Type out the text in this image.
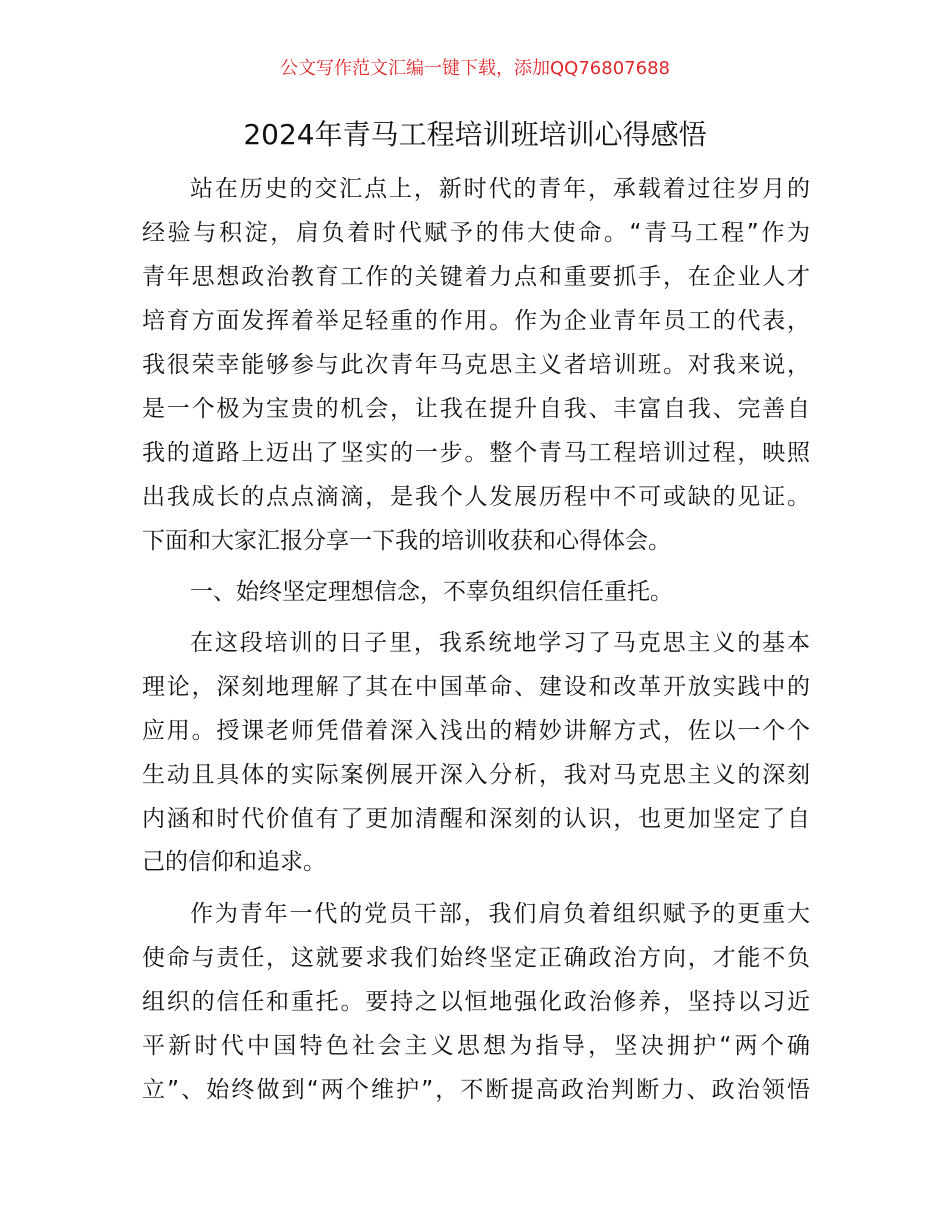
公文写作范文汇编一键下载，添加QQ76807688
2024年青马工程培训班培训心得感悟
站在历史的交汇点上，新时代的青年，承载着过往岁月的
经验与积淀，肩负着时代赋予的伟大使命。“青马工程”作为
青年思想政治教育工作的关键着力点和重要抓手，在企业人才
培育方面发挥着举足轻重的作用。作为企业青年员工的代表，
我很荣幸能够参与此次青年马克思主义者培训班。对我来说，
是一个极为宝贵的机会，让我在提升自我、丰富自我、完善自
我的道路上迈出了坚实的一步。整个青马工程培训过程，映照
出我成长的点点滴滴，是我个人发展历程中不可或缺的见证。
下面和大家汇报分享一下我的培训收获和心得体会。
一、始终坚定理想信念，不辜负组织信任重托。
在这段培训的日子里，我系统地学习了马克思主义的基本
理论，深刻地理解了其在中国革命、建设和改革开放实践中的
应用。授课老师凭借着深入浅出的精妙讲解方式，佐以一个个
生动且具体的实际案例展开深入分析，我对马克思主义的深刻
内涵和时代价值有了更加清醒和深刻的认识，也更加坚定了自
己的信仰和追求。
作为青年一代的党员干部，我们肩负着组织赋予的更重大
使命与责任，这就要求我们始终坚定正确政治方向，才能不负
组织的信任和重托。要持之以恒地强化政治修养，坚持以习近
平新时代中国特色社会主义思想为指导，坚决拥护“两个确
立”、始终做到“两个维护”，不断提高政治判断力、政治领悟
